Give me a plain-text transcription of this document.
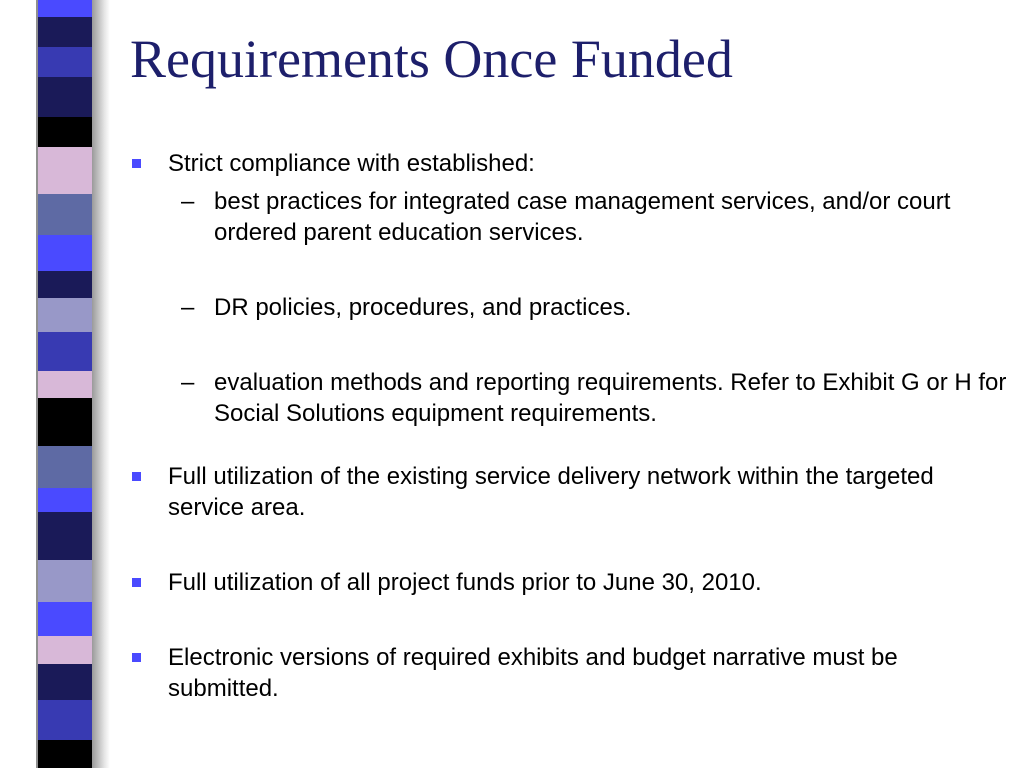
Requirements Once Funded
Strict compliance with established:
– best practices for integrated case management services, and/or court ordered parent education services.
– DR policies, procedures, and practices.
– evaluation methods and reporting requirements. Refer to Exhibit G or H for Social Solutions equipment requirements.
Full utilization of the existing service delivery network within the targeted service area.
Full utilization of all project funds prior to June 30, 2010.
Electronic versions of required exhibits and budget narrative must be submitted.
